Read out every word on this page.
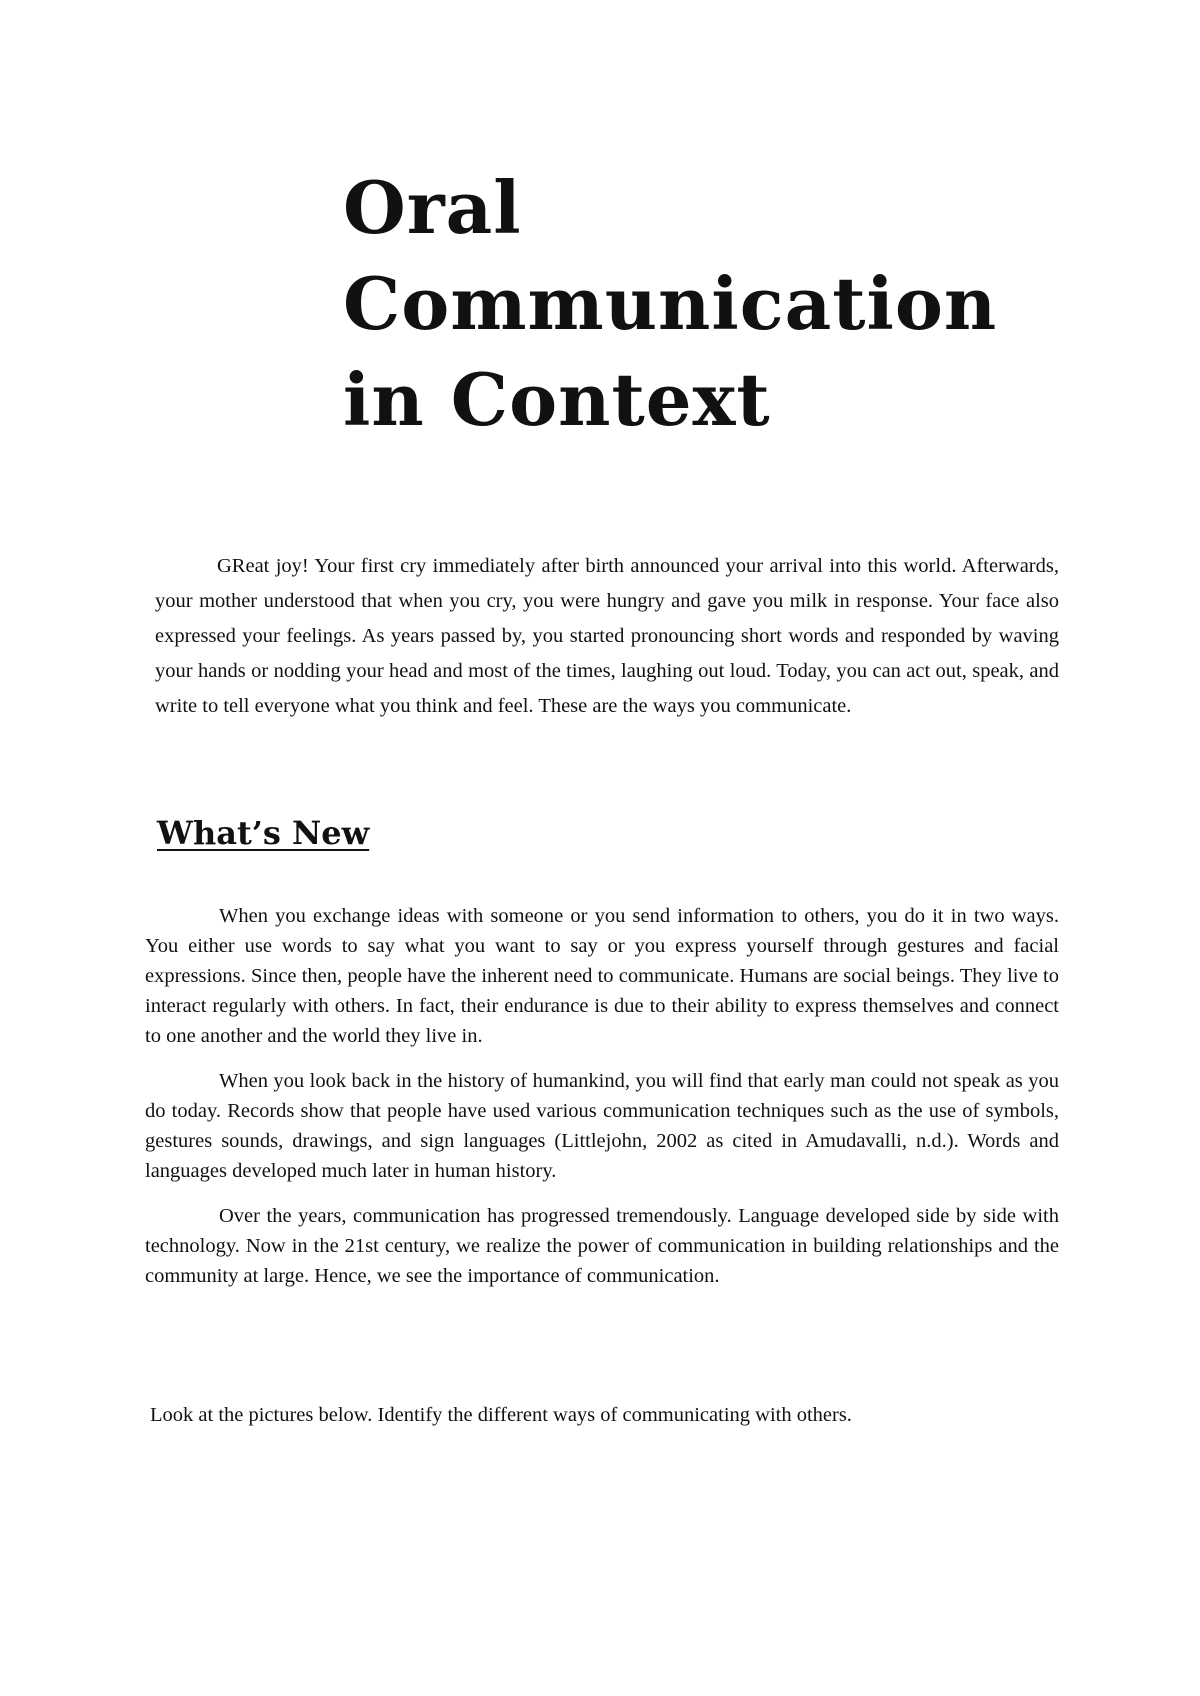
Oral
Communication
in Context

GReat joy! Your first cry immediately after birth announced your arrival into this world. Afterwards, your mother understood that when you cry, you were hungry and gave you milk in response. Your face also expressed your feelings. As years passed by, you started pronouncing short words and responded by waving your hands or nodding your head and most of the times, laughing out loud. Today, you can act out, speak, and write to tell everyone what you think and feel. These are the ways you communicate.

What’s New

When you exchange ideas with someone or you send information to others, you do it in two ways. You either use words to say what you want to say or you express yourself through gestures and facial expressions. Since then, people have the inherent need to communicate. Humans are social beings. They live to interact regularly with others. In fact, their endurance is due to their ability to express themselves and connect to one another and the world they live in.

When you look back in the history of humankind, you will find that early man could not speak as you do today. Records show that people have used various communication techniques such as the use of symbols, gestures sounds, drawings, and sign languages (Littlejohn, 2002 as cited in Amudavalli, n.d.). Words and languages developed much later in human history.

Over the years, communication has progressed tremendously. Language developed side by side with technology. Now in the 21st century, we realize the power of communication in building relationships and the community at large. Hence, we see the importance of communication.

Look at the pictures below. Identify the different ways of communicating with others.
